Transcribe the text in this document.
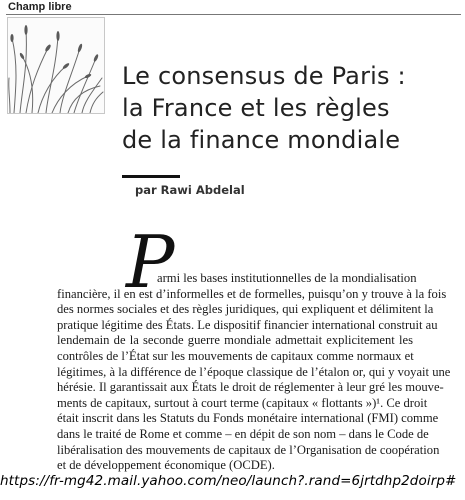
Champ libre
Le consensus de Paris :
la France et les règles
de la finance mondiale

par Rawi Abdelal

P

armi les bases institutionnelles de la mondialisation
financière, il en est d’informelles et de formelles, puisqu’on y trouve à la fois
des normes sociales et des règles juridiques, qui expliquent et délimitent la
pratique légitime des États. Le dispositif financier international construit au
lendemain de la seconde guerre mondiale admettait explicitement les
contrôles de l’État sur les mouvements de capitaux comme normaux et
légitimes, à la différence de l’époque classique de l’étalon or, qui y voyait une
hérésie. Il garantissait aux États le droit de réglementer à leur gré les mouve-
ments de capitaux, surtout à court terme (capitaux « flottants »)¹. Ce droit
était inscrit dans les Statuts du Fonds monétaire international (FMI) comme
dans le traité de Rome et comme – en dépit de son nom – dans le Code de
libéralisation des mouvements de capitaux de l’Organisation de coopération
et de développement économique (OCDE).

https://fr-mg42.mail.yahoo.com/neo/launch?.rand=6jrtdhp2doirp#
